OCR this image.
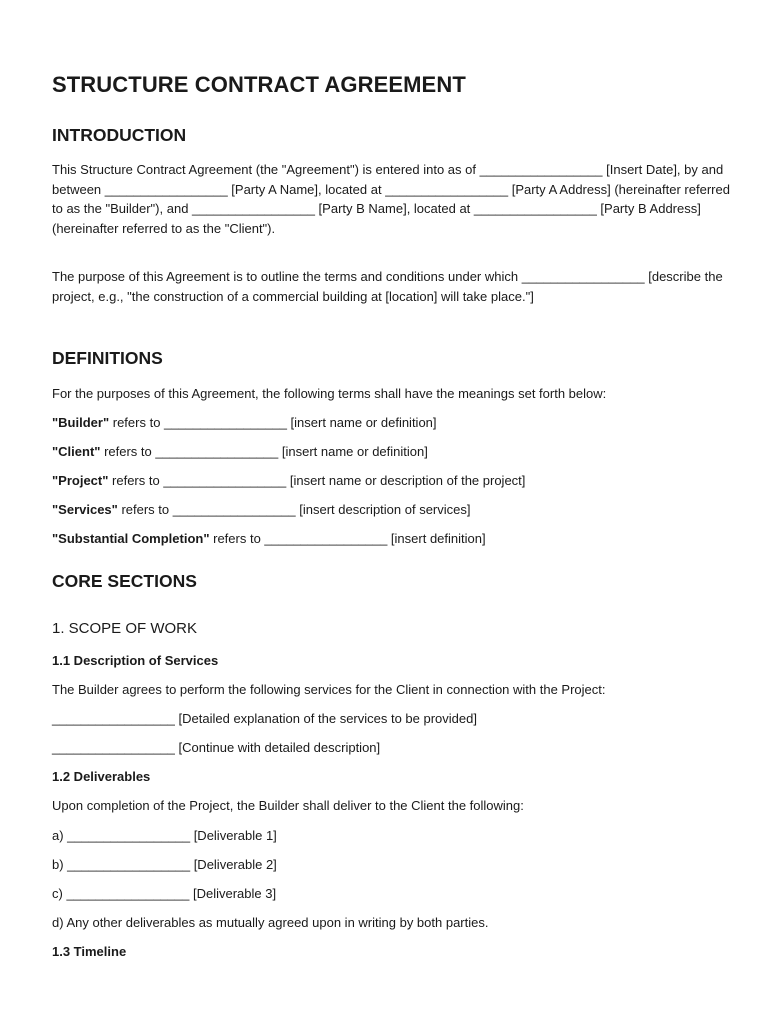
STRUCTURE CONTRACT AGREEMENT
INTRODUCTION

This Structure Contract Agreement (the "Agreement") is entered into as of _________________ [Insert Date], by and between _________________ [Party A Name], located at _________________ [Party A Address] (hereinafter referred to as the "Builder"), and _________________ [Party B Name], located at _________________ [Party B Address] (hereinafter referred to as the "Client").

The purpose of this Agreement is to outline the terms and conditions under which _________________ [describe the project, e.g., "the construction of a commercial building at [location] will take place."]

DEFINITIONS

For the purposes of this Agreement, the following terms shall have the meanings set forth below:

"Builder" refers to _________________ [insert name or definition]

"Client" refers to _________________ [insert name or definition]

"Project" refers to _________________ [insert name or description of the project]

"Services" refers to _________________ [insert description of services]

"Substantial Completion" refers to _________________ [insert definition]

CORE SECTIONS
1. SCOPE OF WORK
1.1 Description of Services

The Builder agrees to perform the following services for the Client in connection with the Project:

_________________ [Detailed explanation of the services to be provided]

_________________ [Continue with detailed description]

1.2 Deliverables

Upon completion of the Project, the Builder shall deliver to the Client the following:

a) _________________ [Deliverable 1]

b) _________________ [Deliverable 2]

c) _________________ [Deliverable 3]

d) Any other deliverables as mutually agreed upon in writing by both parties.

1.3 Timeline
